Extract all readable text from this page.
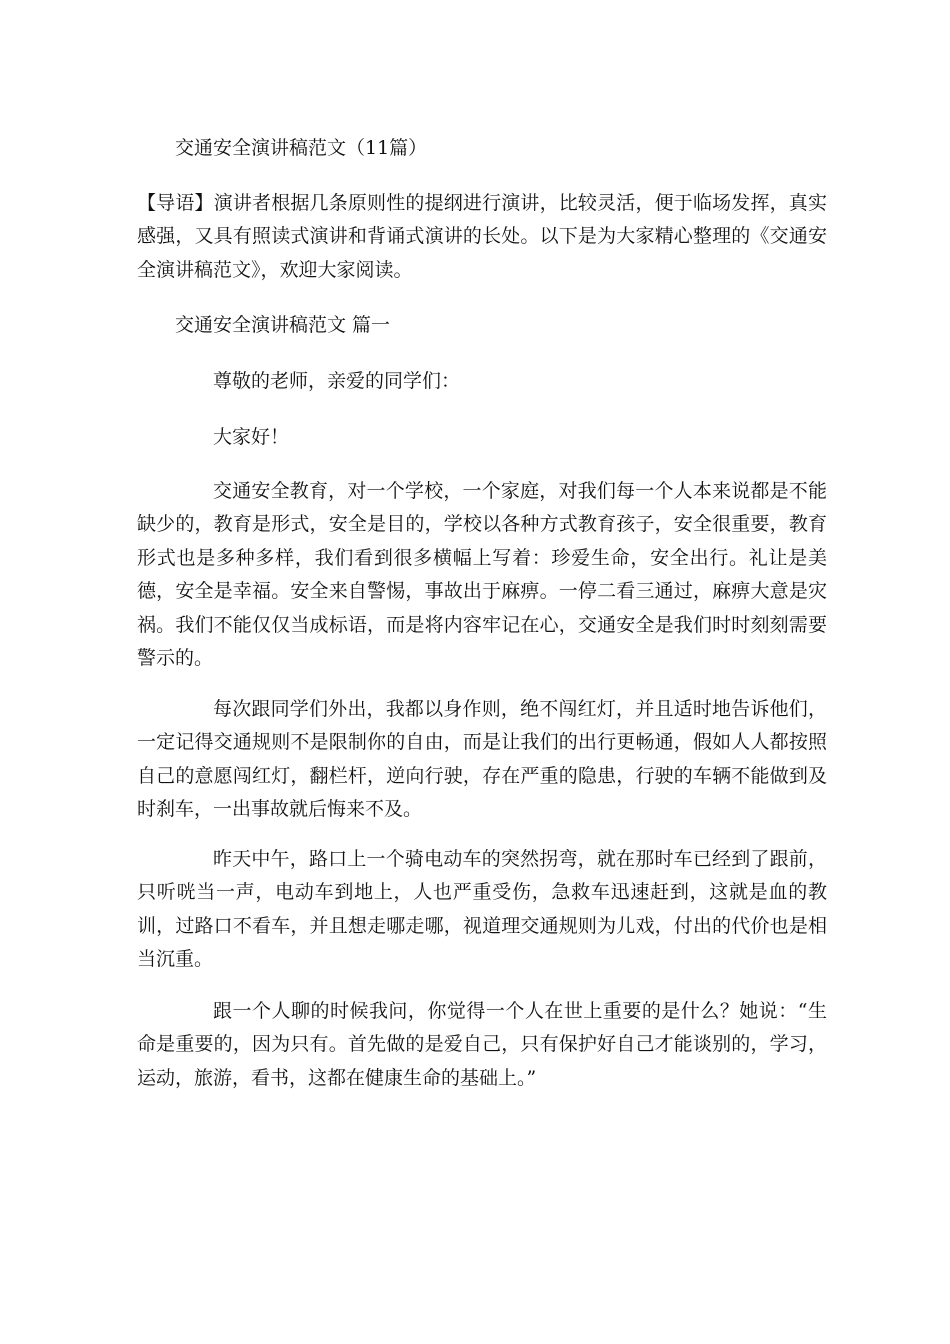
交通安全演讲稿范文（11篇）

【导语】演讲者根据几条原则性的提纲进行演讲，比较灵活，便于临场发挥，真实感强，又具有照读式演讲和背诵式演讲的长处。以下是为大家精心整理的《交通安全演讲稿范文》，欢迎大家阅读。

交通安全演讲稿范文 篇一
尊敬的老师，亲爱的同学们：
大家好！

交通安全教育，对一个学校，一个家庭，对我们每一个人本来说都是不能缺少的，教育是形式，安全是目的，学校以各种方式教育孩子，安全很重要，教育形式也是多种多样，我们看到很多横幅上写着：珍爱生命，安全出行。礼让是美德，安全是幸福。安全来自警惕，事故出于麻痹。一停二看三通过，麻痹大意是灾祸。我们不能仅仅当成标语，而是将内容牢记在心，交通安全是我们时时刻刻需要警示的。

每次跟同学们外出，我都以身作则，绝不闯红灯，并且适时地告诉他们，一定记得交通规则不是限制你的自由，而是让我们的出行更畅通，假如人人都按照自己的意愿闯红灯，翻栏杆，逆向行驶，存在严重的隐患，行驶的车辆不能做到及时刹车，一出事故就后悔来不及。

昨天中午，路口上一个骑电动车的突然拐弯，就在那时车已经到了跟前，只听咣当一声，电动车到地上，人也严重受伤，急救车迅速赶到，这就是血的教训，过路口不看车，并且想走哪走哪，视道理交通规则为儿戏，付出的代价也是相当沉重。

跟一个人聊的时候我问，你觉得一个人在世上重要的是什么？她说：“生命是重要的，因为只有。首先做的是爱自己，只有保护好自己才能谈别的，学习，运动，旅游，看书，这都在健康生命的基础上。”
